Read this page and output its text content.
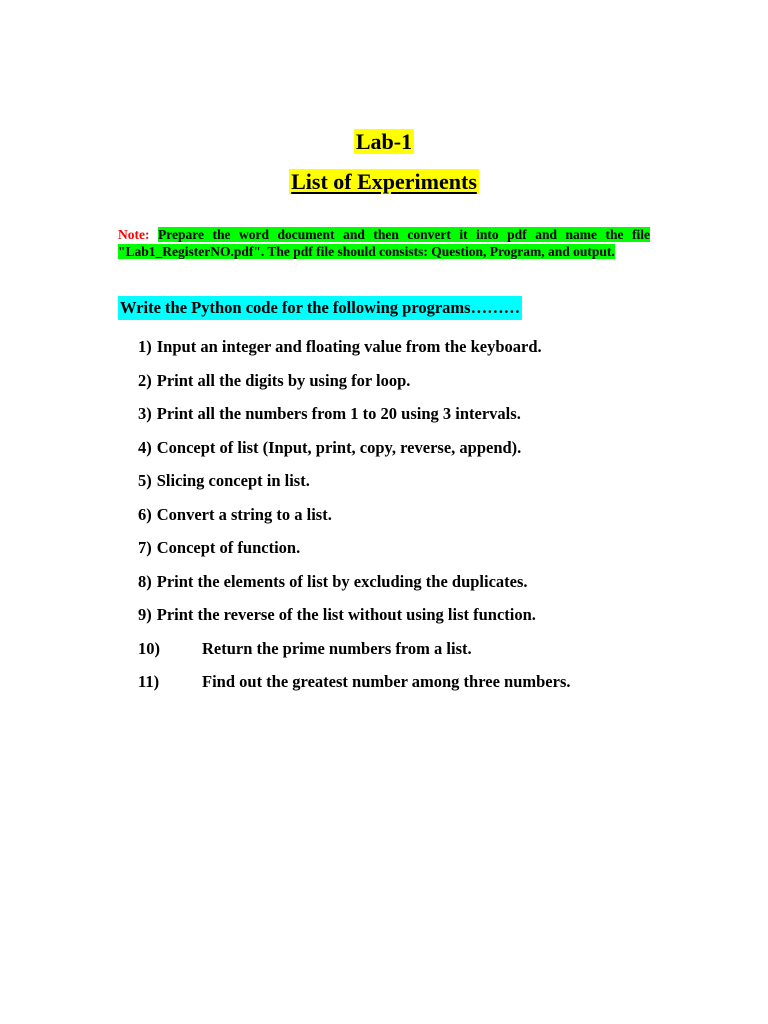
Lab-1
List of Experiments
Note: Prepare the word document and then convert it into pdf and name the file "Lab1_RegisterNO.pdf". The pdf file should consists: Question, Program, and output.
Write the Python code for the following programs………
1) Input an integer and floating value from the keyboard.
2) Print all the digits by using for loop.
3) Print all the numbers from 1 to 20 using 3 intervals.
4) Concept of list (Input, print, copy, reverse, append).
5) Slicing concept in list.
6) Convert a string to a list.
7) Concept of function.
8) Print the elements of list by excluding the duplicates.
9) Print the reverse of the list without using list function.
10)	Return the prime numbers from a list.
11)	Find out the greatest number among three numbers.
